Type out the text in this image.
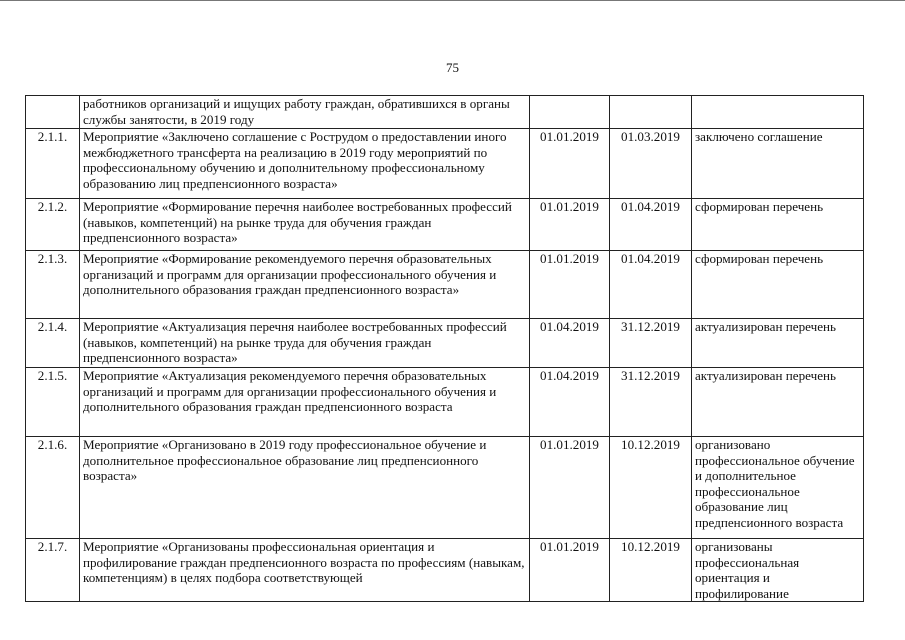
75
	работников организаций и ищущих работу граждан, обратившихся в органы службы занятости, в 2019 году			
2.1.1.	Мероприятие «Заключено соглашение с Рострудом о предоставлении иного межбюджетного трансферта на реализацию в 2019 году мероприятий по профессиональному обучению и дополнительному профессиональному образованию лиц предпенсионного возраста»	01.01.2019	01.03.2019	заключено соглашение
2.1.2.	Мероприятие «Формирование перечня наиболее востребованных профессий (навыков, компетенций) на рынке труда для обучения граждан предпенсионного возраста»	01.01.2019	01.04.2019	сформирован перечень
2.1.3.	Мероприятие «Формирование рекомендуемого перечня образовательных организаций и программ для организации профессионального обучения и дополнительного образования граждан предпенсионного возраста»	01.01.2019	01.04.2019	сформирован перечень
2.1.4.	Мероприятие «Актуализация перечня наиболее востребованных профессий (навыков, компетенций) на рынке труда для обучения граждан предпенсионного возраста»	01.04.2019	31.12.2019	актуализирован перечень
2.1.5.	Мероприятие «Актуализация рекомендуемого перечня образовательных организаций и программ для организации профессионального обучения и дополнительного образования граждан предпенсионного возраста	01.04.2019	31.12.2019	актуализирован перечень
2.1.6.	Мероприятие «Организовано в 2019 году профессиональное обучение и дополнительное профессиональное образование лиц предпенсионного возраста»	01.01.2019	10.12.2019	организовано профессиональное обучение и дополнительное профессиональное образование лиц предпенсионного возраста
2.1.7.	Мероприятие «Организованы профессиональная ориентация и профилирование граждан предпенсионного возраста по профессиям (навыкам, компетенциям) в целях подбора соответствующей	01.01.2019	10.12.2019	организованы профессиональная ориентация и профилирование
